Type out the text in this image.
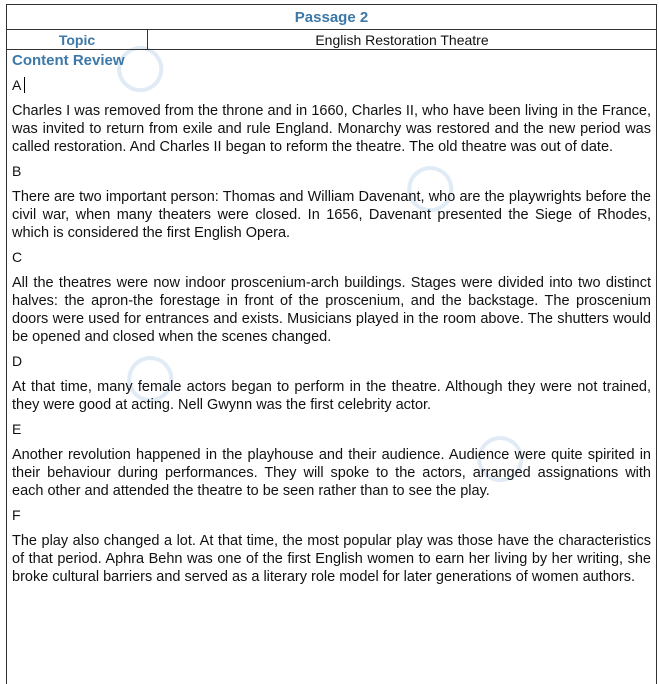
Passage 2
Topic	English Restoration Theatre
Content Review
A

Charles I was removed from the throne and in 1660, Charles II, who have been living in the France, was invited to return from exile and rule England. Monarchy was restored and the new period was called restoration. And Charles II began to reform the theatre. The old theatre was out of date.

B

There are two important person: Thomas and William Davenant, who are the playwrights before the civil war, when many theaters were closed. In 1656, Davenant presented the Siege of Rhodes, which is considered the first English Opera.

C

All the theatres were now indoor proscenium-arch buildings. Stages were divided into two distinct halves: the apron-the forestage in front of the proscenium, and the backstage. The proscenium doors were used for entrances and exists. Musicians played in the room above. The shutters would be opened and closed when the scenes changed.

D

At that time, many female actors began to perform in the theatre. Although they were not trained, they were good at acting. Nell Gwynn was the first celebrity actor.

E

Another revolution happened in the playhouse and their audience. Audience were quite spirited in their behaviour during performances. They will spoke to the actors, arranged assignations with each other and attended the theatre to be seen rather than to see the play.

F

The play also changed a lot. At that time, the most popular play was those have the characteristics of that period. Aphra Behn was one of the first English women to earn her living by her writing, she broke cultural barriers and served as a literary role model for later generations of women authors.
